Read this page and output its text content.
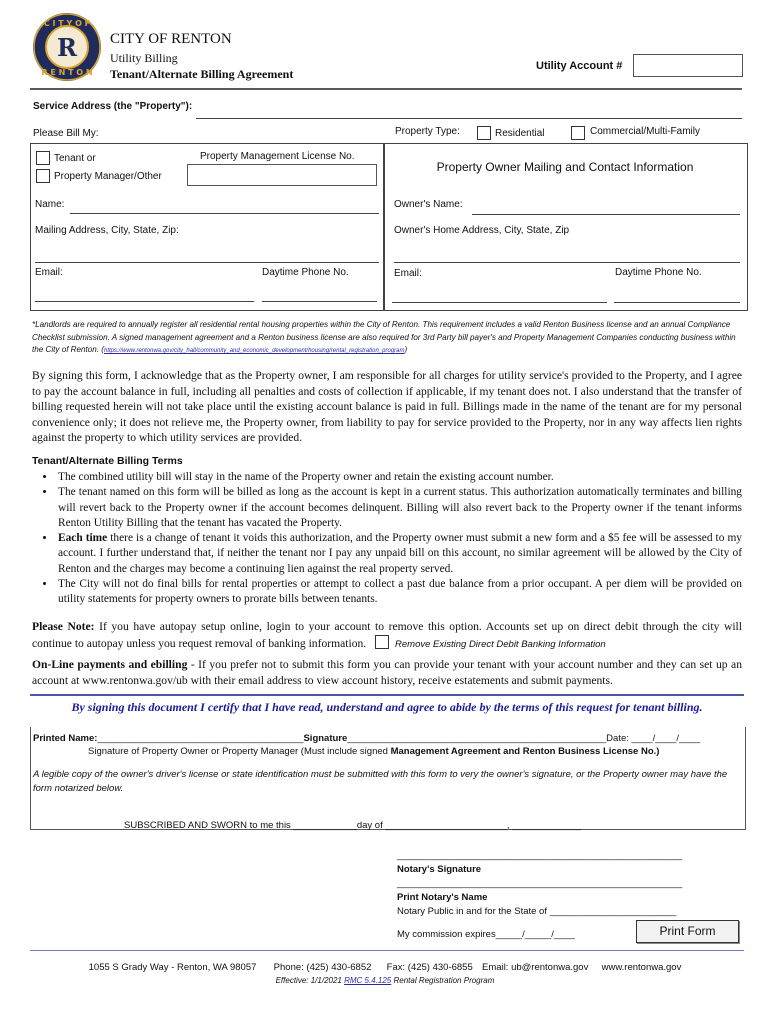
C I T Y O F
R E N T O N
R CITY OF RENTON
Utility Billing
Tenant/Alternate Billing Agreement
Utility Account #
Service Address (the "Property"):
Please Bill My:	Property Type:	Residential	Commercial/Multi-Family
Tenant or
Property Manager/Other
Property Management License No.
Property Owner Mailing and Contact Information
Name:
Mailing Address, City, State, Zip:
Email:	Daytime Phone No.
Owner's Name:
Owner's Home Address, City, State, Zip
Email:	Daytime Phone No.
*Landlords are required to annually register all residential rental housing properties within the City of Renton. This requirement includes a valid Renton Business license and an annual Compliance Checklist submission. A signed management agreement and a Renton business license are also required for 3rd Party bill payer's and Property Management Companies conducting business within the City of Renton. (https://www.rentonwa.gov/city_hall/community_and_economic_development/housing/rental_registration_program)
By signing this form, I acknowledge that as the Property owner, I am responsible for all charges for utility service's provided to the Property, and I agree to pay the account balance in full, including all penalties and costs of collection if applicable, if my tenant does not. I also understand that the transfer of billing requested herein will not take place until the existing account balance is paid in full. Billings made in the name of the tenant are for my personal convenience only; it does not relieve me, the Property owner, from liability to pay for service provided to the Property, nor in any way affects lien rights against the property to which utility services are provided.
Tenant/Alternate Billing Terms
• The combined utility bill will stay in the name of the Property owner and retain the existing account number.
• The tenant named on this form will be billed as long as the account is kept in a current status. This authorization automatically terminates and billing will revert back to the Property owner if the account becomes delinquent. Billing will also revert back to the Property owner if the tenant informs Renton Utility Billing that the tenant has vacated the Property.
• Each time there is a change of tenant it voids this authorization, and the Property owner must submit a new form and a $5 fee will be assessed to my account. I further understand that, if neither the tenant nor I pay any unpaid bill on this account, no similar agreement will be allowed by the City of Renton and the charges may become a continuing lien against the real property served.
• The City will not do final bills for rental properties or attempt to collect a past due balance from a prior occupant. A per diem will be provided on utility statements for property owners to prorate bills between tenants.
Please Note: If you have autopay setup online, login to your account to remove this option. Accounts set up on direct debit through the city will continue to autopay unless you request removal of banking information.	Remove Existing Direct Debit Banking Information
On-Line payments and ebilling - If you prefer not to submit this form you can provide your tenant with your account number and they can set up an account at www.rentonwa.gov/ub with their email address to view account history, receive estatements and submit payments.
By signing this document I certify that I have read, understand and agree to abide by the terms of this request for tenant billing.
Printed Name:_______________________________________Signature_________________________________________________Date: ____/____/____
Signature of Property Owner or Property Manager (Must include signed Management Agreement and Renton Business License No.)
A legible copy of the owner's driver's license or state identification must be submitted with this form to very the owner's signature, or the Property owner may have the form notarized below.
SUBSCRIBED AND SWORN to me this ____________day of _______________________, _____________
______________________________________________________
Notary's Signature
______________________________________________________
Print Notary's Name
Notary Public in and for the State of ________________________
My commission expires_____/_____/____	Print Form
1055 S Grady Way - Renton, WA 98057 Phone: (425) 430-6852 Fax: (425) 430-6855 Email: ub@rentonwa.gov www.rentonwa.gov
Effective: 1/1/2021 RMC 5.4.125 Rental Registration Program
